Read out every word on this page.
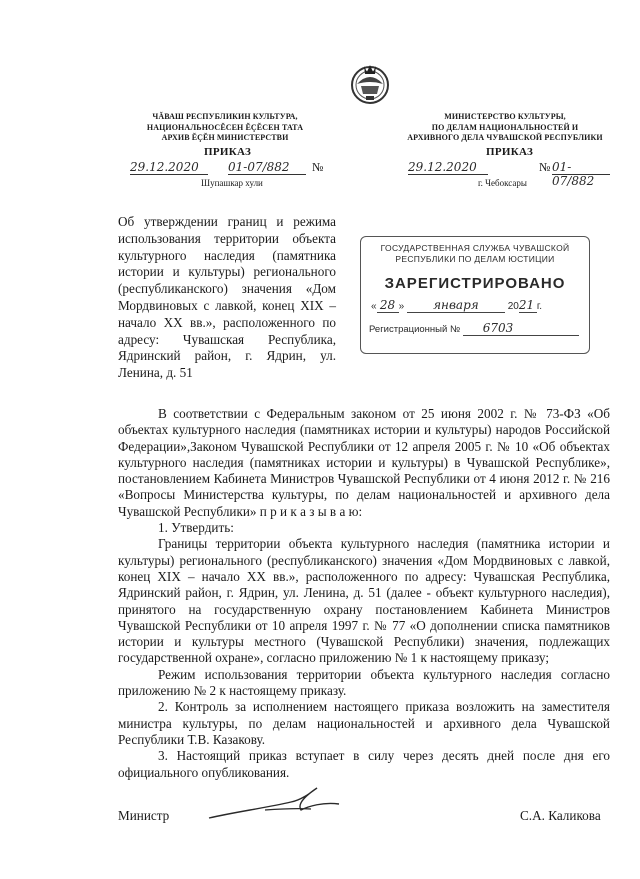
ЧĂВАШ РЕСПУБЛИКИН КУЛЬТУРА,
НАЦИОНАЛЬНОСĔСЕН ĔÇĔСЕН ТАТА
АРХИВ ĔÇĔН МИНИСТЕРСТВИ
МИНИСТЕРСТВО КУЛЬТУРЫ,
ПО ДЕЛАМ НАЦИОНАЛЬНОСТЕЙ И
АРХИВНОГО ДЕЛА ЧУВАШСКОЙ РЕСПУБЛИКИ
ПРИКАЗ
29.12.2020	01-07/882	№
Шупашкар хули
ПРИКАЗ
29.12.2020	№ 01-07/882
г. Чебоксары
Об утверждении границ и режима использования территории объекта культурного наследия (памятника истории и культуры) регионального (республиканского) значения «Дом Мордвиновых с лавкой, конец XIX – начало XX вв.», расположенного по адресу: Чувашская Республика, Ядринский район, г. Ядрин, ул. Ленина, д. 51
ГОСУДАРСТВЕННАЯ СЛУЖБА ЧУВАШСКОЙ
РЕСПУБЛИКИ ПО ДЕЛАМ ЮСТИЦИИ
ЗАРЕГИСТРИРОВАНО
« 28 » января	2021 г.
Регистрационный № 6703

В соответствии с Федеральным законом от 25 июня 2002 г. № 73-ФЗ «Об объектах культурного наследия (памятниках истории и культуры) народов Российской Федерации»,Законом Чувашской Республики от 12 апреля 2005 г. № 10 «Об объектах культурного наследия (памятниках истории и культуры) в Чувашской Республике», постановлением Кабинета Министров Чувашской Республики от 4 июня 2012 г. № 216 «Вопросы Министерства культуры, по делам национальностей и архивного дела Чувашской Республики» п р и к а з ы в а ю:

1. Утвердить:

Границы территории объекта культурного наследия (памятника истории и культуры) регионального (республиканского) значения «Дом Мордвиновых с лавкой, конец XIX – начало XX вв.», расположенного по адресу: Чувашская Республика, Ядринский район, г. Ядрин, ул. Ленина, д. 51 (далее - объект культурного наследия), принятого на государственную охрану постановлением Кабинета Министров Чувашской Республики от 10 апреля 1997 г. № 77 «О дополнении списка памятников истории и культуры местного (Чувашской Республики) значения, подлежащих государственной охране», согласно приложению № 1 к настоящему приказу;

Режим использования территории объекта культурного наследия согласно приложению № 2 к настоящему приказу.

2. Контроль за исполнением настоящего приказа возложить на заместителя министра культуры, по делам национальностей и архивного дела Чувашской Республики Т.В. Казакову.

3. Настоящий приказ вступает в силу через десять дней после дня его официального опубликования.

Министр	С.А. Каликова
